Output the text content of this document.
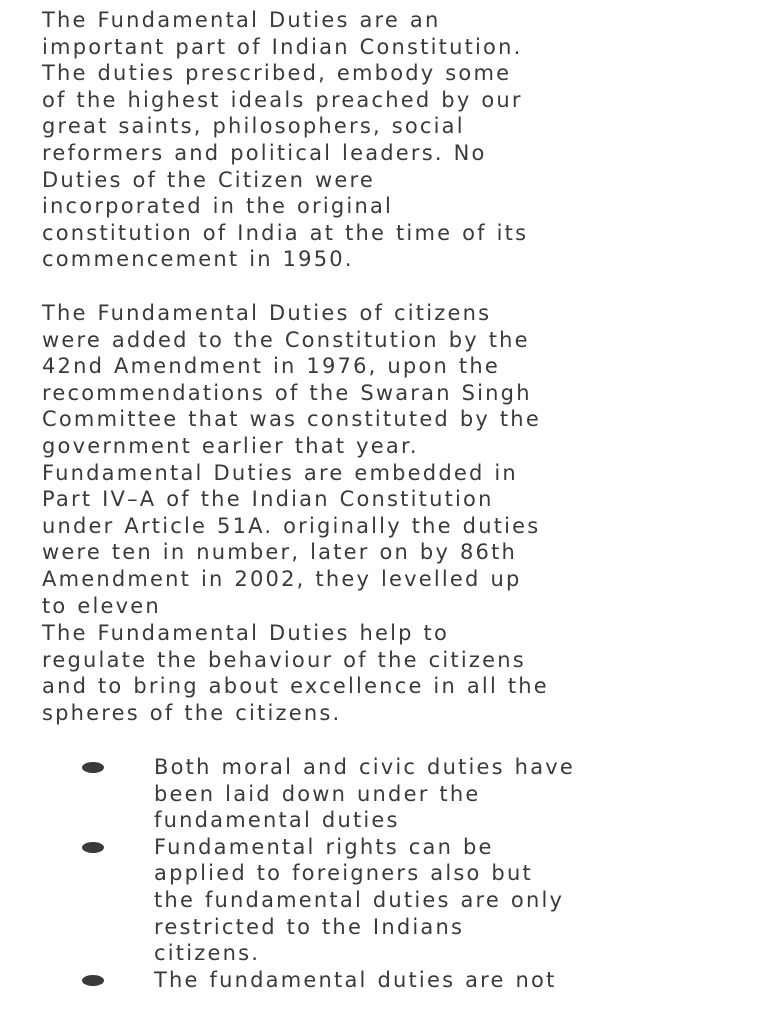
The Fundamental Duties are an
important part of Indian Constitution.
The duties prescribed, embody some
of the highest ideals preached by our
great saints, philosophers, social
reformers and political leaders. No
Duties of the Citizen were
incorporated in the original
constitution of India at the time of its
commencement in 1950.

The Fundamental Duties of citizens
were added to the Constitution by the
42nd Amendment in 1976, upon the
recommendations of the Swaran Singh
Committee that was constituted by the
government earlier that year.
Fundamental Duties are embedded in
Part IV–A of the Indian Constitution
under Article 51A. originally the duties
were ten in number, later on by 86th
Amendment in 2002, they levelled up
to eleven

The Fundamental Duties help to
regulate the behaviour of the citizens
and to bring about excellence in all the
spheres of the citizens.

Both moral and civic duties have
been laid down under the
fundamental duties
Fundamental rights can be
applied to foreigners also but
the fundamental duties are only
restricted to the Indians
citizens.
The fundamental duties are not
